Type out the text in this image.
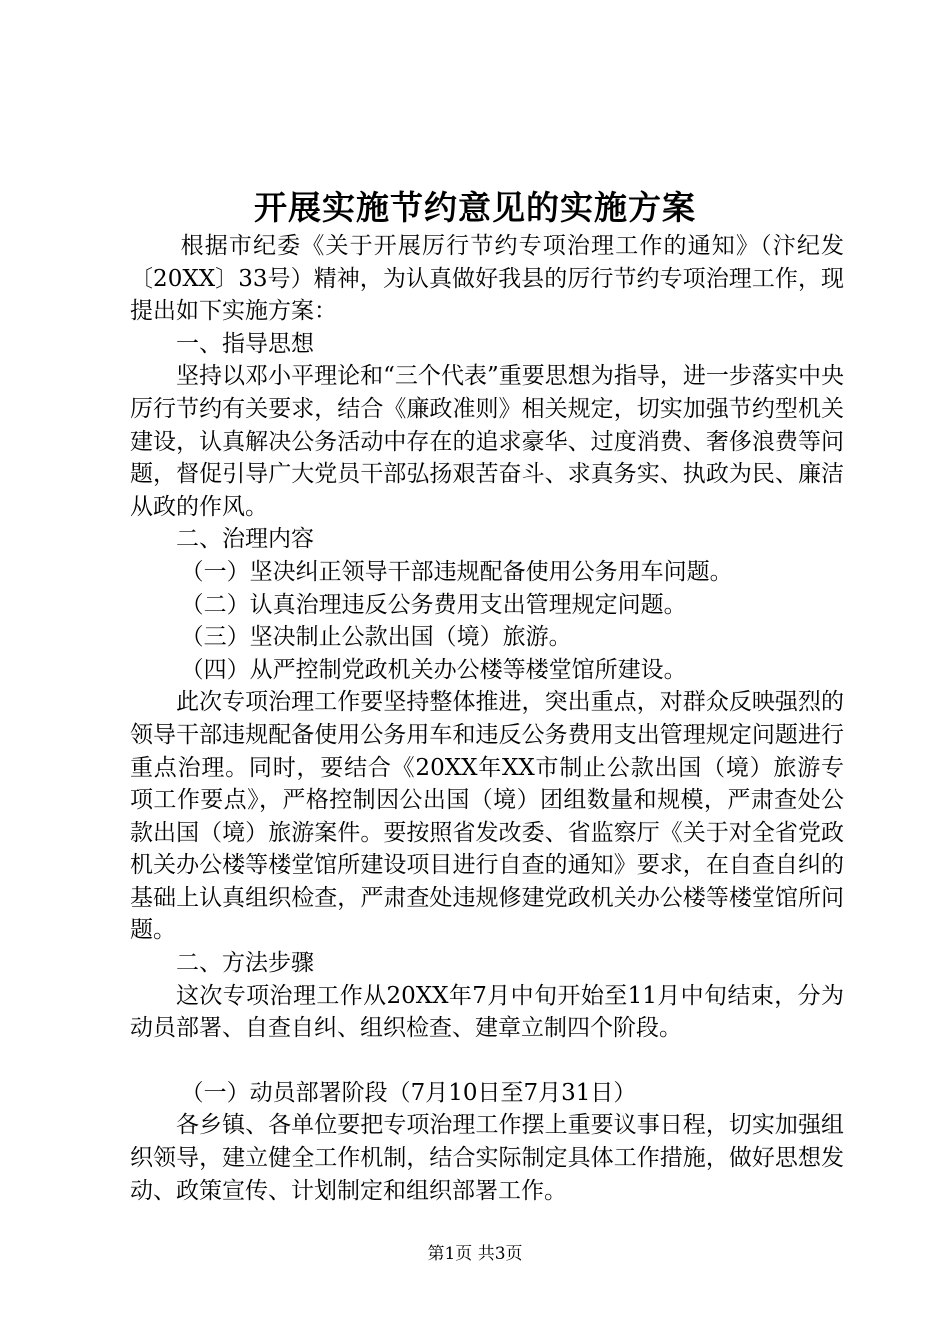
开展实施节约意见的实施方案

根据市纪委《关于开展厉行节约专项治理工作的通知》（汴纪发〔20XX〕33号）精神，为认真做好我县的厉行节约专项治理工作，现提出如下实施方案：

一、指导思想

坚持以邓小平理论和“三个代表”重要思想为指导，进一步落实中央厉行节约有关要求，结合《廉政准则》相关规定，切实加强节约型机关建设，认真解决公务活动中存在的追求豪华、过度消费、奢侈浪费等问题，督促引导广大党员干部弘扬艰苦奋斗、求真务实、执政为民、廉洁从政的作风。

二、治理内容

（一）坚决纠正领导干部违规配备使用公务用车问题。

（二）认真治理违反公务费用支出管理规定问题。

（三）坚决制止公款出国（境）旅游。

（四）从严控制党政机关办公楼等楼堂馆所建设。

此次专项治理工作要坚持整体推进，突出重点，对群众反映强烈的领导干部违规配备使用公务用车和违反公务费用支出管理规定问题进行重点治理。同时，要结合《20XX年XX市制止公款出国（境）旅游专项工作要点》，严格控制因公出国（境）团组数量和规模，严肃查处公款出国（境）旅游案件。要按照省发改委、省监察厅《关于对全省党政机关办公楼等楼堂馆所建设项目进行自查的通知》要求，在自查自纠的基础上认真组织检查，严肃查处违规修建党政机关办公楼等楼堂馆所问题。

二、方法步骤

这次专项治理工作从20XX年7月中旬开始至11月中旬结束，分为动员部署、自查自纠、组织检查、建章立制四个阶段。

（一）动员部署阶段（7月10日至7月31日）

各乡镇、各单位要把专项治理工作摆上重要议事日程，切实加强组织领导，建立健全工作机制，结合实际制定具体工作措施，做好思想发动、政策宣传、计划制定和组织部署工作。

第1页 共3页
